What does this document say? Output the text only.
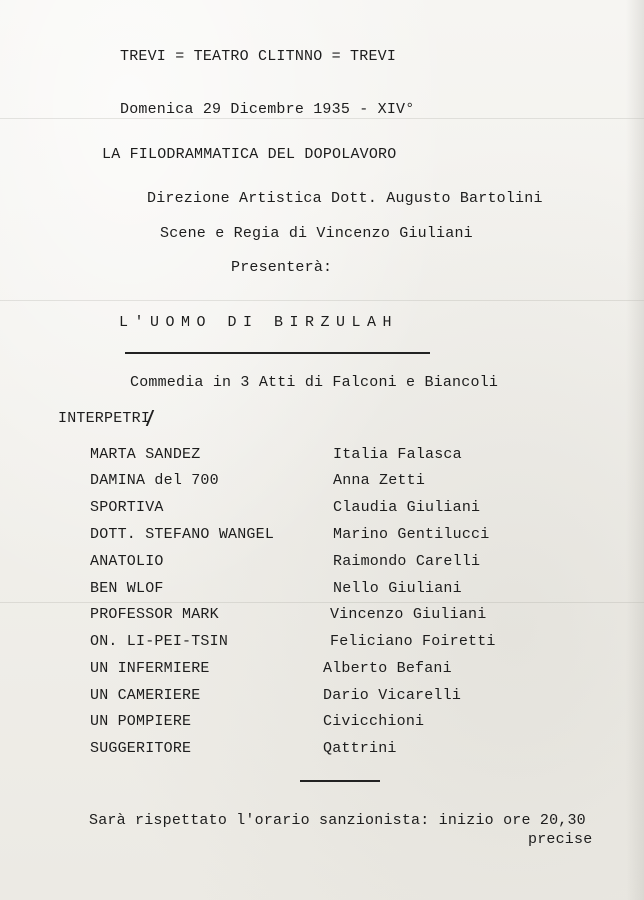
TREVI = TEATRO CLITNNO = TREVI
Domenica 29 Dicembre 1935 - XIV°
LA FILODRAMMATICA DEL DOPOLAVORO
Direzione Artistica Dott. Augusto Bartolini
Scene e Regia di Vincenzo Giuliani
Presenterà:
L'UOMO DI BIRZULAH
Commedia in 3 Atti di Falconi e Biancoli
INTERPETRI
MARTA SANDEZ	Italia Falasca
DAMINA del 700	Anna Zetti
SPORTIVA	Claudia Giuliani
DOTT. STEFANO WANGEL	Marino Gentilucci
ANATOLIO	Raimondo Carelli
BEN WLOF	Nello Giuliani
PROFESSOR MARK	Vincenzo Giuliani
ON. LI-PEI-TSIN	Feliciano Foiretti
UN INFERMIERE	Alberto Befani
UN CAMERIERE	Dario Vicarelli
UN POMPIERE	Civicchioni
SUGGERITORE	Qattrini
Sarà rispettato l'orario sanzionista: inizio ore 20,30
precise
